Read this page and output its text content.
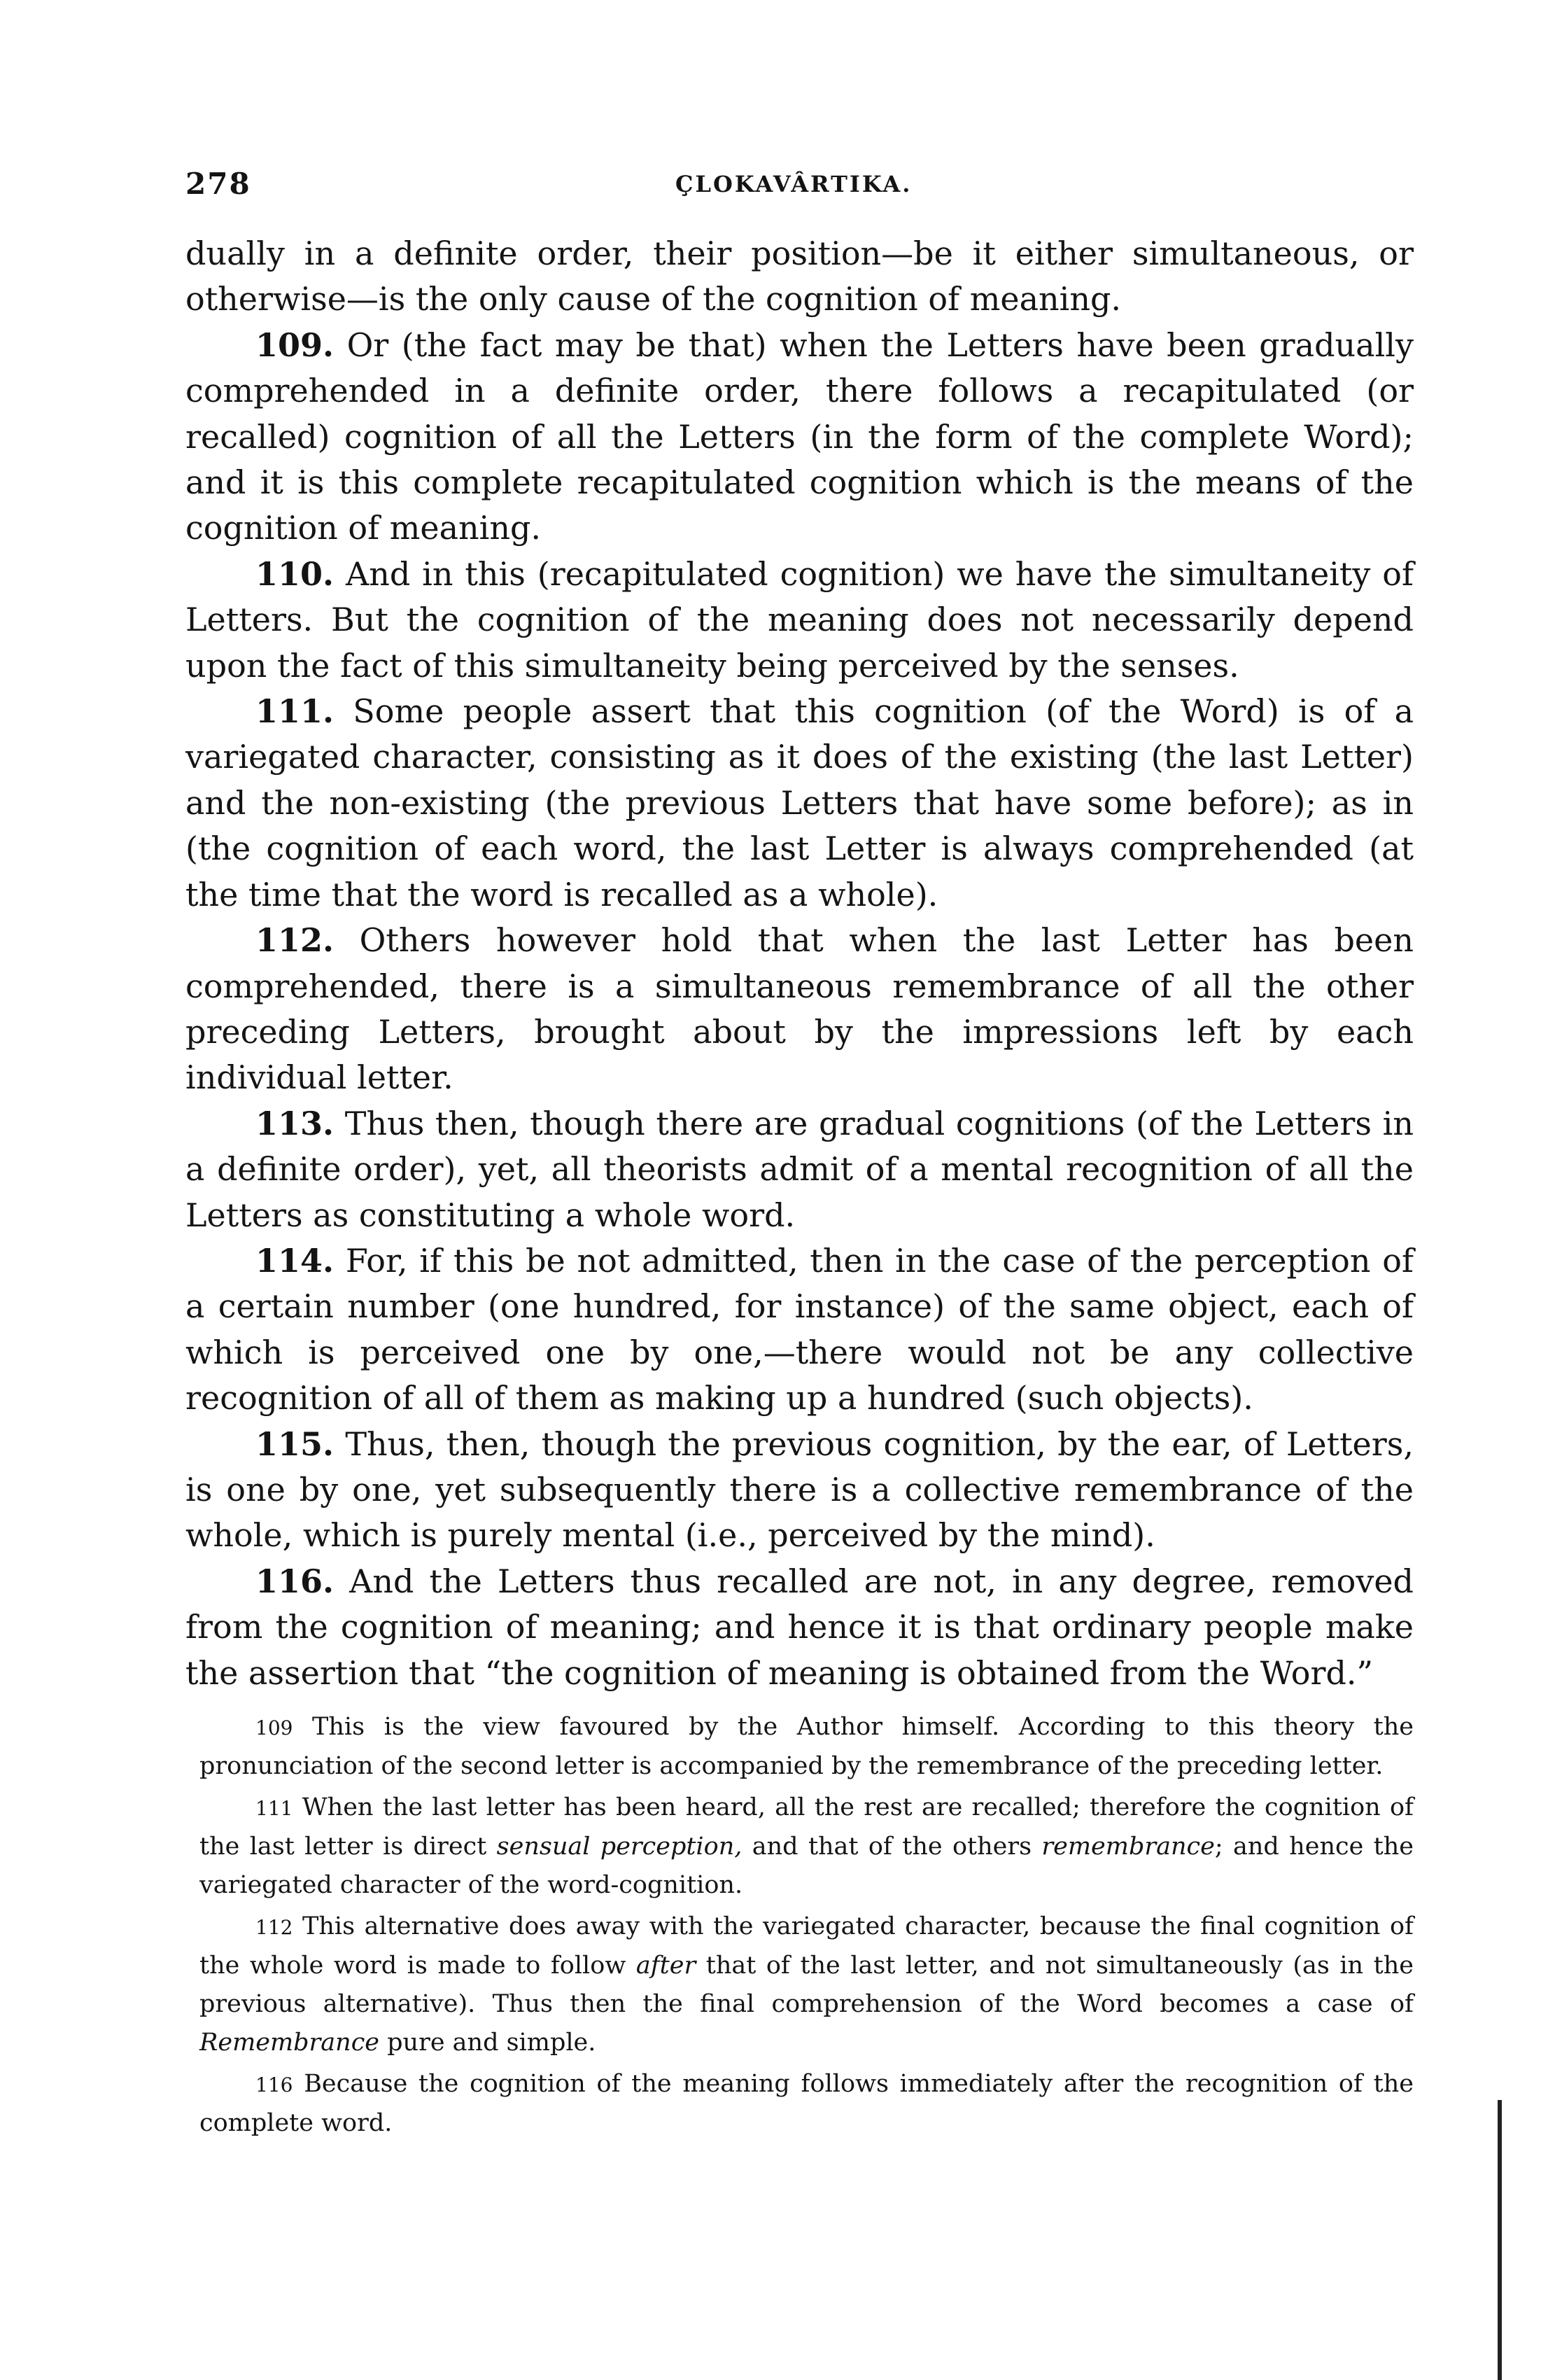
278	ÇLOKAVÂRTIKA.

dually in a definite order, their position—be it either simultaneous, or otherwise—is the only cause of the cognition of meaning.

109. Or (the fact may be that) when the Letters have been gradually comprehended in a definite order, there follows a recapitulated (or recalled) cognition of all the Letters (in the form of the complete Word); and it is this complete recapitulated cognition which is the means of the cognition of meaning.

110. And in this (recapitulated cognition) we have the simultaneity of Letters. But the cognition of the meaning does not necessarily depend upon the fact of this simultaneity being perceived by the senses.

111. Some people assert that this cognition (of the Word) is of a variegated character, consisting as it does of the existing (the last Letter) and the non-existing (the previous Letters that have some before); as in (the cognition of each word, the last Letter is always comprehended (at the time that the word is recalled as a whole).

112. Others however hold that when the last Letter has been comprehended, there is a simultaneous remembrance of all the other preceding Letters, brought about by the impressions left by each individual letter.

113. Thus then, though there are gradual cognitions (of the Letters in a definite order), yet, all theorists admit of a mental recognition of all the Letters as constituting a whole word.

114. For, if this be not admitted, then in the case of the perception of a certain number (one hundred, for instance) of the same object, each of which is perceived one by one,—there would not be any collective recognition of all of them as making up a hundred (such objects).

115. Thus, then, though the previous cognition, by the ear, of Letters, is one by one, yet subsequently there is a collective remembrance of the whole, which is purely mental (i.e., perceived by the mind).

116. And the Letters thus recalled are not, in any degree, removed from the cognition of meaning; and hence it is that ordinary people make the assertion that “the cognition of meaning is obtained from the Word.”

109 This is the view favoured by the Author himself. According to this theory the pronunciation of the second letter is accompanied by the remembrance of the preceding letter.

111 When the last letter has been heard, all the rest are recalled; therefore the cognition of the last letter is direct sensual perception, and that of the others remembrance; and hence the variegated character of the word-cognition.

112 This alternative does away with the variegated character, because the final cognition of the whole word is made to follow after that of the last letter, and not simultaneously (as in the previous alternative). Thus then the final comprehension of the Word becomes a case of Remembrance pure and simple.

116 Because the cognition of the meaning follows immediately after the recognition of the complete word.
